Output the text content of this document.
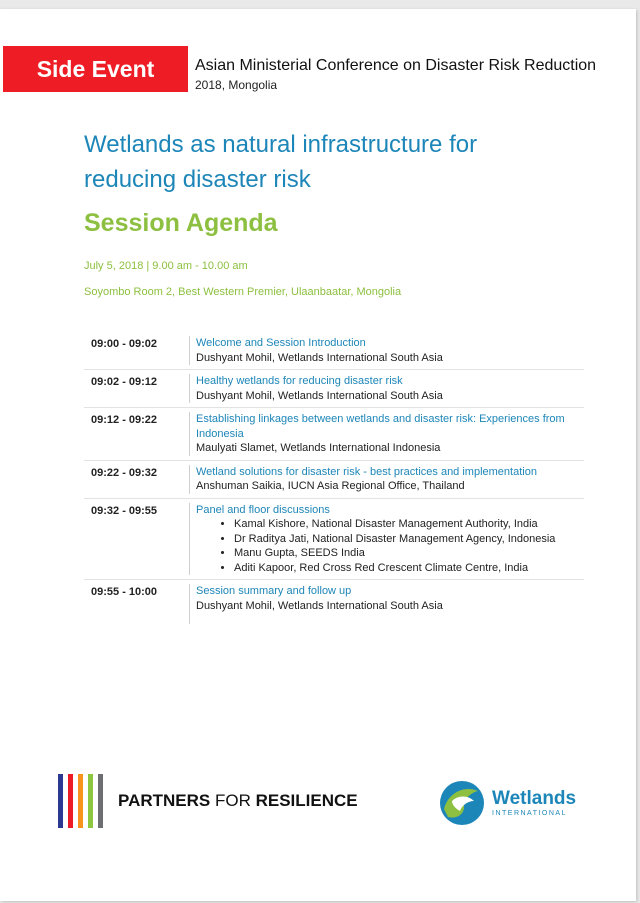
Side Event	Asian Ministerial Conference on Disaster Risk Reduction
2018, Mongolia
Wetlands as natural infrastructure for reducing disaster risk
Session Agenda
July 5, 2018 | 9.00 am - 10.00 am
Soyombo Room 2, Best Western Premier, Ulaanbaatar, Mongolia
09:00 - 09:02	Welcome and Session Introduction
Dushyant Mohil, Wetlands International South Asia
09:02 - 09:12	Healthy wetlands for reducing disaster risk
Dushyant Mohil, Wetlands International South Asia
09:12 - 09:22	Establishing linkages between wetlands and disaster risk: Experiences from Indonesia
Maulyati Slamet, Wetlands International Indonesia
09:22 - 09:32	Wetland solutions for disaster risk - best practices and implementation
Anshuman Saikia, IUCN Asia Regional Office, Thailand
09:32 - 09:55	Panel and floor discussions
• Kamal Kishore, National Disaster Management Authority, India
• Dr Raditya Jati, National Disaster Management Agency, Indonesia
• Manu Gupta, SEEDS India
• Aditi Kapoor, Red Cross Red Crescent Climate Centre, India
09:55 - 10:00	Session summary and follow up
Dushyant Mohil, Wetlands International South Asia
PARTNERS FOR RESILIENCE	Wetlands
INTERNATIONAL
